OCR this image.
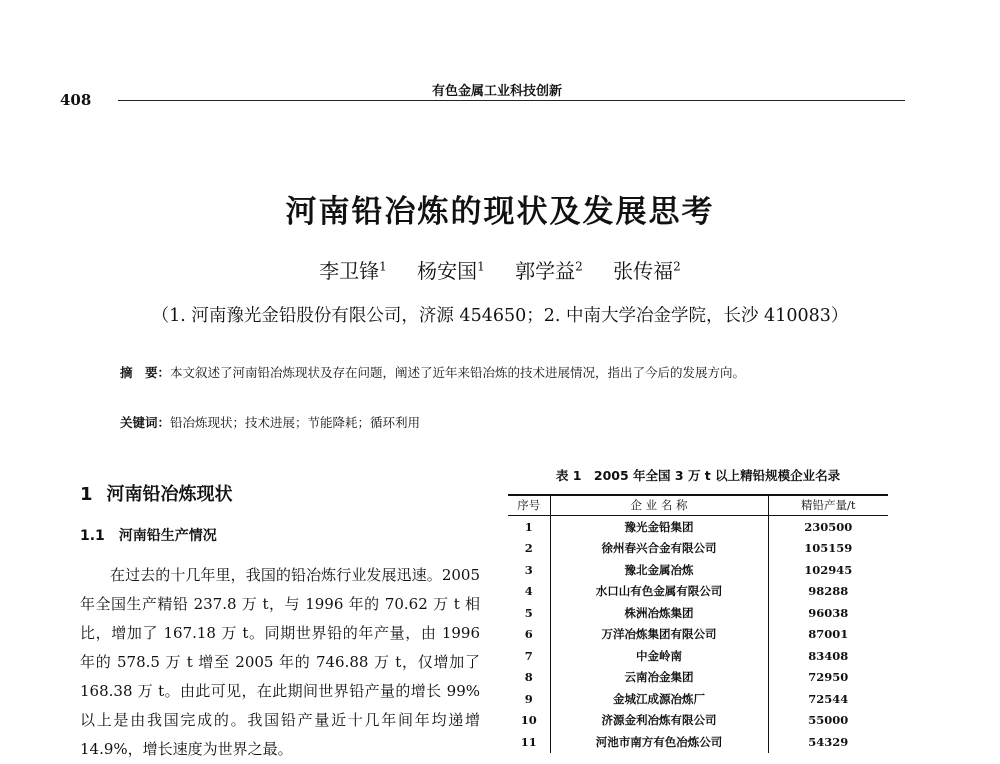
408	有色金属工业科技创新
河南铅冶炼的现状及发展思考
李卫锋$^1$ 杨安国$^1$ 郭学益$^2$ 张传福$^2$
（1. 河南豫光金铅股份有限公司，济源 454650；2. 中南大学冶金学院，长沙 410083）
摘　要：本文叙述了河南铅冶炼现状及存在问题，阐述了近年来铅冶炼的技术进展情况，指出了今后的发展方向。
关键词：铅冶炼现状；技术进展；节能降耗；循环利用
1 河南铅冶炼现状
1.1 河南铅生产情况

在过去的十几年里，我国的铅冶炼行业发展迅速。2005 年全国生产精铅 237.8 万 t，与 1996 年的 70.62 万 t 相比，增加了 167.18 万 t。同期世界铅的年产量，由 1996 年的 578.5 万 t 增至 2005 年的 746.88 万 t，仅增加了 168.38 万 t。由此可见，在此期间世界铅产量的增长 99% 以上是由我国完成的。我国铅产量近十几年间年均递增 14.9%，增长速度为世界之最。

表 1　2005 年全国 3 万 t 以上精铅规模企业名录
序号	企 业 名 称	精铅产量/t
1	豫光金铅集团	230500
2	徐州春兴合金有限公司	105159
3	豫北金属冶炼	102945
4	水口山有色金属有限公司	98288
5	株洲冶炼集团	96038
6	万洋冶炼集团有限公司	87001
7	中金岭南	83408
8	云南冶金集团	72950
9	金城江成源冶炼厂	72544
10	济源金利冶炼有限公司	55000
11	河池市南方有色冶炼公司	54329
